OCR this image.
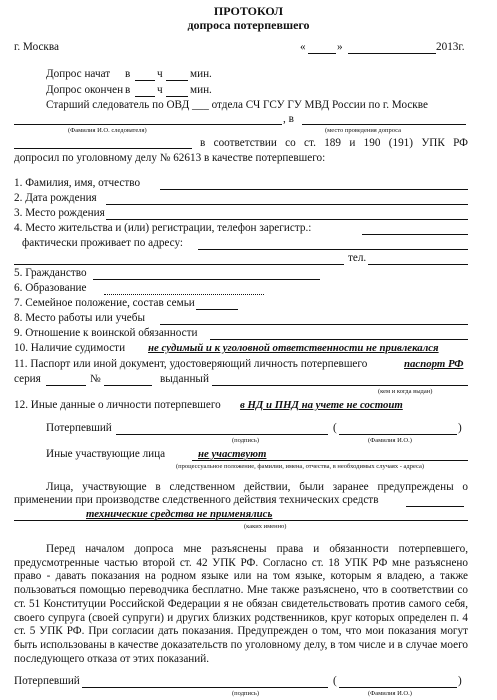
ПРОТОКОЛ
допроса потерпевшего
г. Москва	«	»	2013г.
Допрос начат в ч мин.
Допрос окончен в ч мин.
Старший следователь по ОВД ___ отдела СЧ ГСУ ГУ МВД России по г. Москве
, в
(Фамилия И.О. следователя)	(место проведения допроса
в соответствии со ст. 189 и 190 (191) УПК РФ
допросил по уголовному делу № 62613 в качестве потерпевшего:
1. Фамилия, имя, отчество
2. Дата рождения
3. Место рождения
4. Место жительства и (или) регистрации, телефон зарегистр.:
фактически проживает по адресу:
тел.
5. Гражданство
6. Образование
7. Семейное положение, состав семьи
8. Место работы или учебы
9. Отношение к воинской обязанности
10. Наличие судимости не судимый и к уголовной ответственности не привлекался
11. Паспорт или иной документ, удостоверяющий личность потерпевшего	паспорт РФ
серия	№	выданный
(кем и когда выдан)
12. Иные данные о личности потерпевшего в НД и ПНД на учете не состоит
Потерпевший	(	)
(подпись)	(Фамилия И.О.)
Иные участвующие лица	не участвуют
(процессуальное положение, фамилии, имена, отчества, в необходимых случаях - адреса)
Лица, участвующие в следственном действии, были заранее предупреждены о применении при производстве следственного действия технических средств
технические средства не применялись
(каких именно)
Перед началом допроса мне разъяснены права и обязанности потерпевшего, предусмотренные частью второй ст. 42 УПК РФ. Согласно ст. 18 УПК РФ мне разъяснено право - давать показания на родном языке или на том языке, которым я владею, а также пользоваться помощью переводчика бесплатно. Мне также разъяснено, что в соответствии со ст. 51 Конституции Российской Федерации я не обязан свидетельствовать против самого себя, своего супруга (своей супруги) и других близких родственников, круг которых определен п. 4 ст. 5 УПК РФ. При согласии дать показания. Предупрежден о том, что мои показания могут быть использованы в качестве доказательств по уголовному делу, в том числе и в случае моего последующего отказа от этих показаний.
Потерпевший	(	)
(подпись)	(Фамилия И.О.)
